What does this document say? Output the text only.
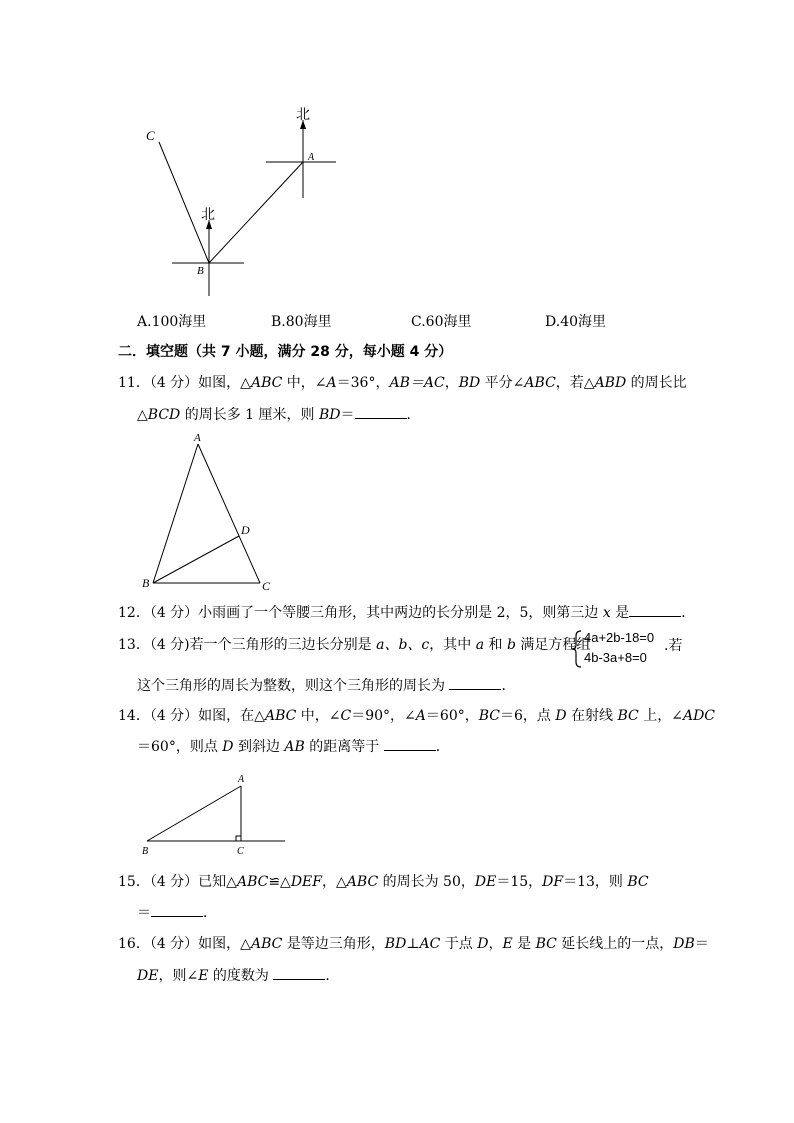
C
北
A
北
B
A.100海里	B.80海里	C.60海里	D.40海里
二．填空题（共 7 小题，满分 28 分，每小题 4 分）
11．（4 分）如图，△ABC 中，∠A＝36°，AB＝AC，BD 平分∠ABC，若△ABD 的周长比
△BCD 的周长多 1 厘米，则 BD＝	．
A
B	C
D
12．（4 分）小雨画了一个等腰三角形，其中两边的长分别是 2，5，则第三边 x 是	．
13．（4 分)若一个三角形的三边长分别是 a、b、c，其中 a 和 b 满足方程组
4a+2b-18=0
4b-3a+8=0
.若
这个三角形的周长为整数，则这个三角形的周长为	．
14．（4 分）如图，在△ABC 中，∠C＝90°，∠A＝60°，BC＝6，点 D 在射线 BC 上，∠ADC
＝60°，则点 D 到斜边 AB 的距离等于	．
A
B	C
15．（4 分）已知△ABC≌△DEF，△ABC 的周长为 50，DE＝15，DF＝13，则 BC
＝	．
16．（4 分）如图，△ABC 是等边三角形，BD⊥AC 于点 D，E 是 BC 延长线上的一点，DB＝
DE，则∠E 的度数为	．
